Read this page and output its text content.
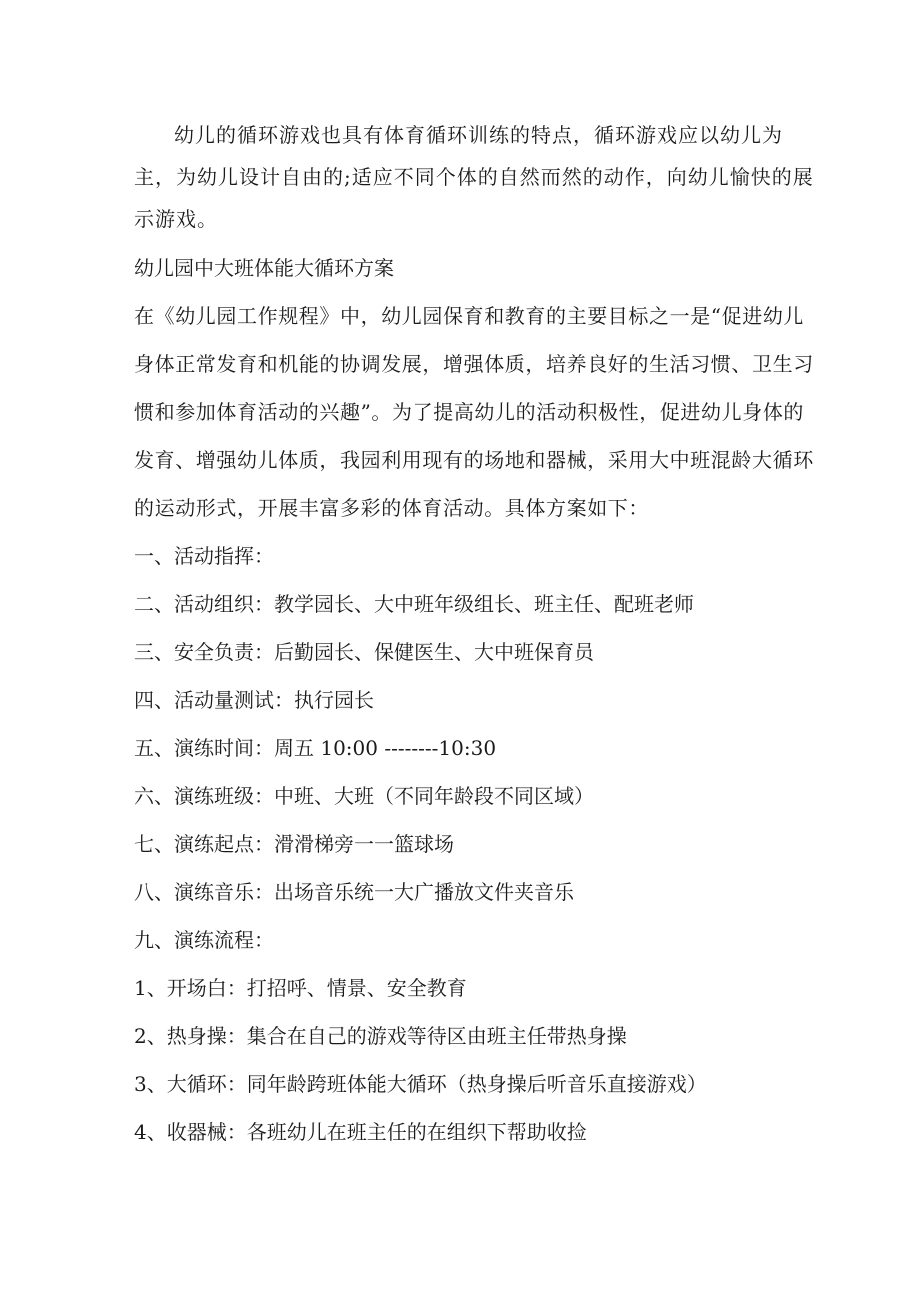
幼儿的循环游戏也具有体育循环训练的特点，循环游戏应以幼儿为主，为幼儿设计自由的;适应不同个体的自然而然的动作，向幼儿愉快的展示游戏。

幼儿园中大班体能大循环方案

在《幼儿园工作规程》中，幼儿园保育和教育的主要目标之一是“促进幼儿身体正常发育和机能的协调发展，增强体质，培养良好的生活习惯、卫生习惯和参加体育活动的兴趣”。为了提高幼儿的活动积极性，促进幼儿身体的发育、增强幼儿体质，我园利用现有的场地和器械，采用大中班混龄大循环的运动形式，开展丰富多彩的体育活动。具体方案如下：

一、活动指挥：
二、活动组织：教学园长、大中班年级组长、班主任、配班老师
三、安全负责：后勤园长、保健医生、大中班保育员
四、活动量测试：执行园长
五、演练时间：周五 10:00 --------10:30
六、演练班级：中班、大班（不同年龄段不同区域）
七、演练起点：滑滑梯旁一一篮球场
八、演练音乐：出场音乐统一大广播放文件夹音乐
九、演练流程：
1、开场白：打招呼、情景、安全教育
2、热身操：集合在自己的游戏等待区由班主任带热身操
3、大循环：同年龄跨班体能大循环（热身操后听音乐直接游戏）
4、收器械：各班幼儿在班主任的在组织下帮助收捡
